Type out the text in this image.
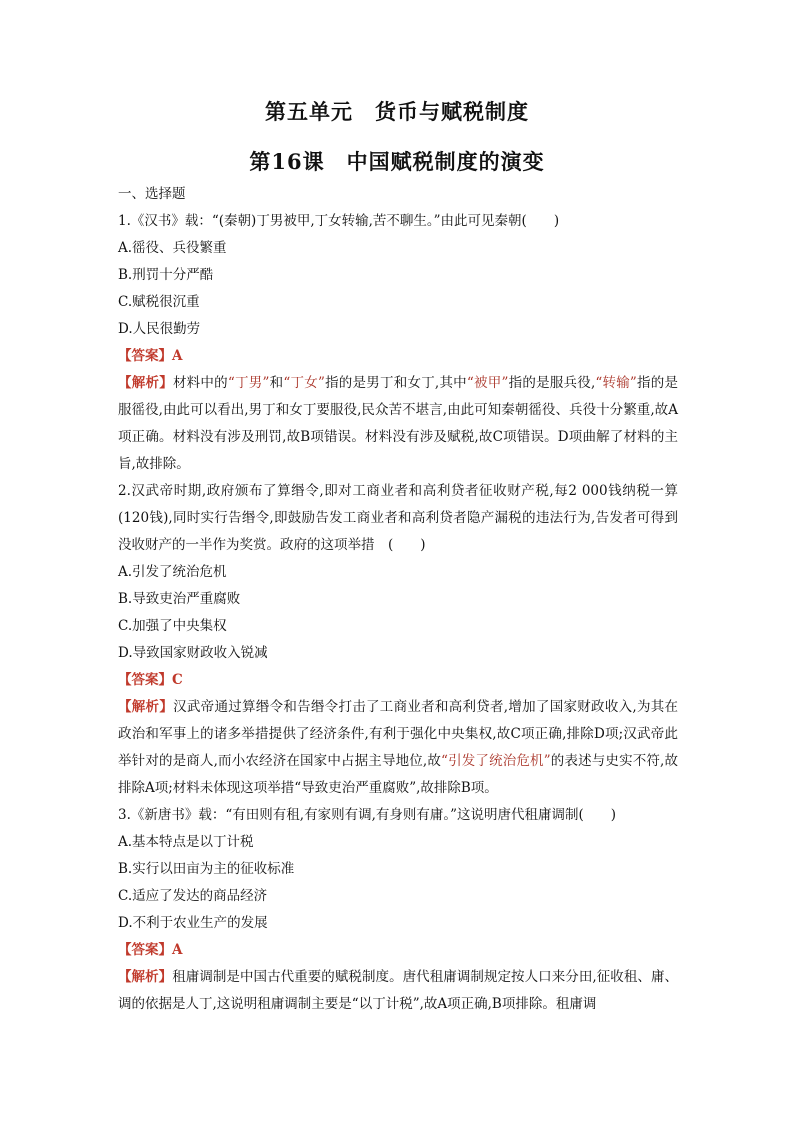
第五单元　货币与赋税制度
第16课　中国赋税制度的演变
一、选择题
1.《汉书》载：“(秦朝)丁男被甲,丁女转输,苦不聊生。”由此可见秦朝(　　)
A.徭役、兵役繁重
B.刑罚十分严酷
C.赋税很沉重
D.人民很勤劳
【答案】A
【解析】材料中的“丁男”和“丁女”指的是男丁和女丁,其中“被甲”指的是服兵役,“转输”指的是服徭役,由此可以看出,男丁和女丁要服役,民众苦不堪言,由此可知秦朝徭役、兵役十分繁重,故A项正确。材料没有涉及刑罚,故B项错误。材料没有涉及赋税,故C项错误。D项曲解了材料的主旨,故排除。
2.汉武帝时期,政府颁布了算缗令,即对工商业者和高利贷者征收财产税,每2 000钱纳税一算(120钱),同时实行告缗令,即鼓励告发工商业者和高利贷者隐产漏税的违法行为,告发者可得到没收财产的一半作为奖赏。政府的这项举措　(　　)
A.引发了统治危机
B.导致吏治严重腐败
C.加强了中央集权
D.导致国家财政收入锐减
【答案】C
【解析】汉武帝通过算缗令和告缗令打击了工商业者和高利贷者,增加了国家财政收入,为其在政治和军事上的诸多举措提供了经济条件,有利于强化中央集权,故C项正确,排除D项;汉武帝此举针对的是商人,而小农经济在国家中占据主导地位,故“引发了统治危机”的表述与史实不符,故排除A项;材料未体现这项举措“导致吏治严重腐败”,故排除B项。
3.《新唐书》载：“有田则有租,有家则有调,有身则有庸。”这说明唐代租庸调制(　　)
A.基本特点是以丁计税
B.实行以田亩为主的征收标准
C.适应了发达的商品经济
D.不利于农业生产的发展
【答案】A
【解析】租庸调制是中国古代重要的赋税制度。唐代租庸调制规定按人口来分田,征收租、庸、调的依据是人丁,这说明租庸调制主要是“以丁计税”,故A项正确,B项排除。租庸调
